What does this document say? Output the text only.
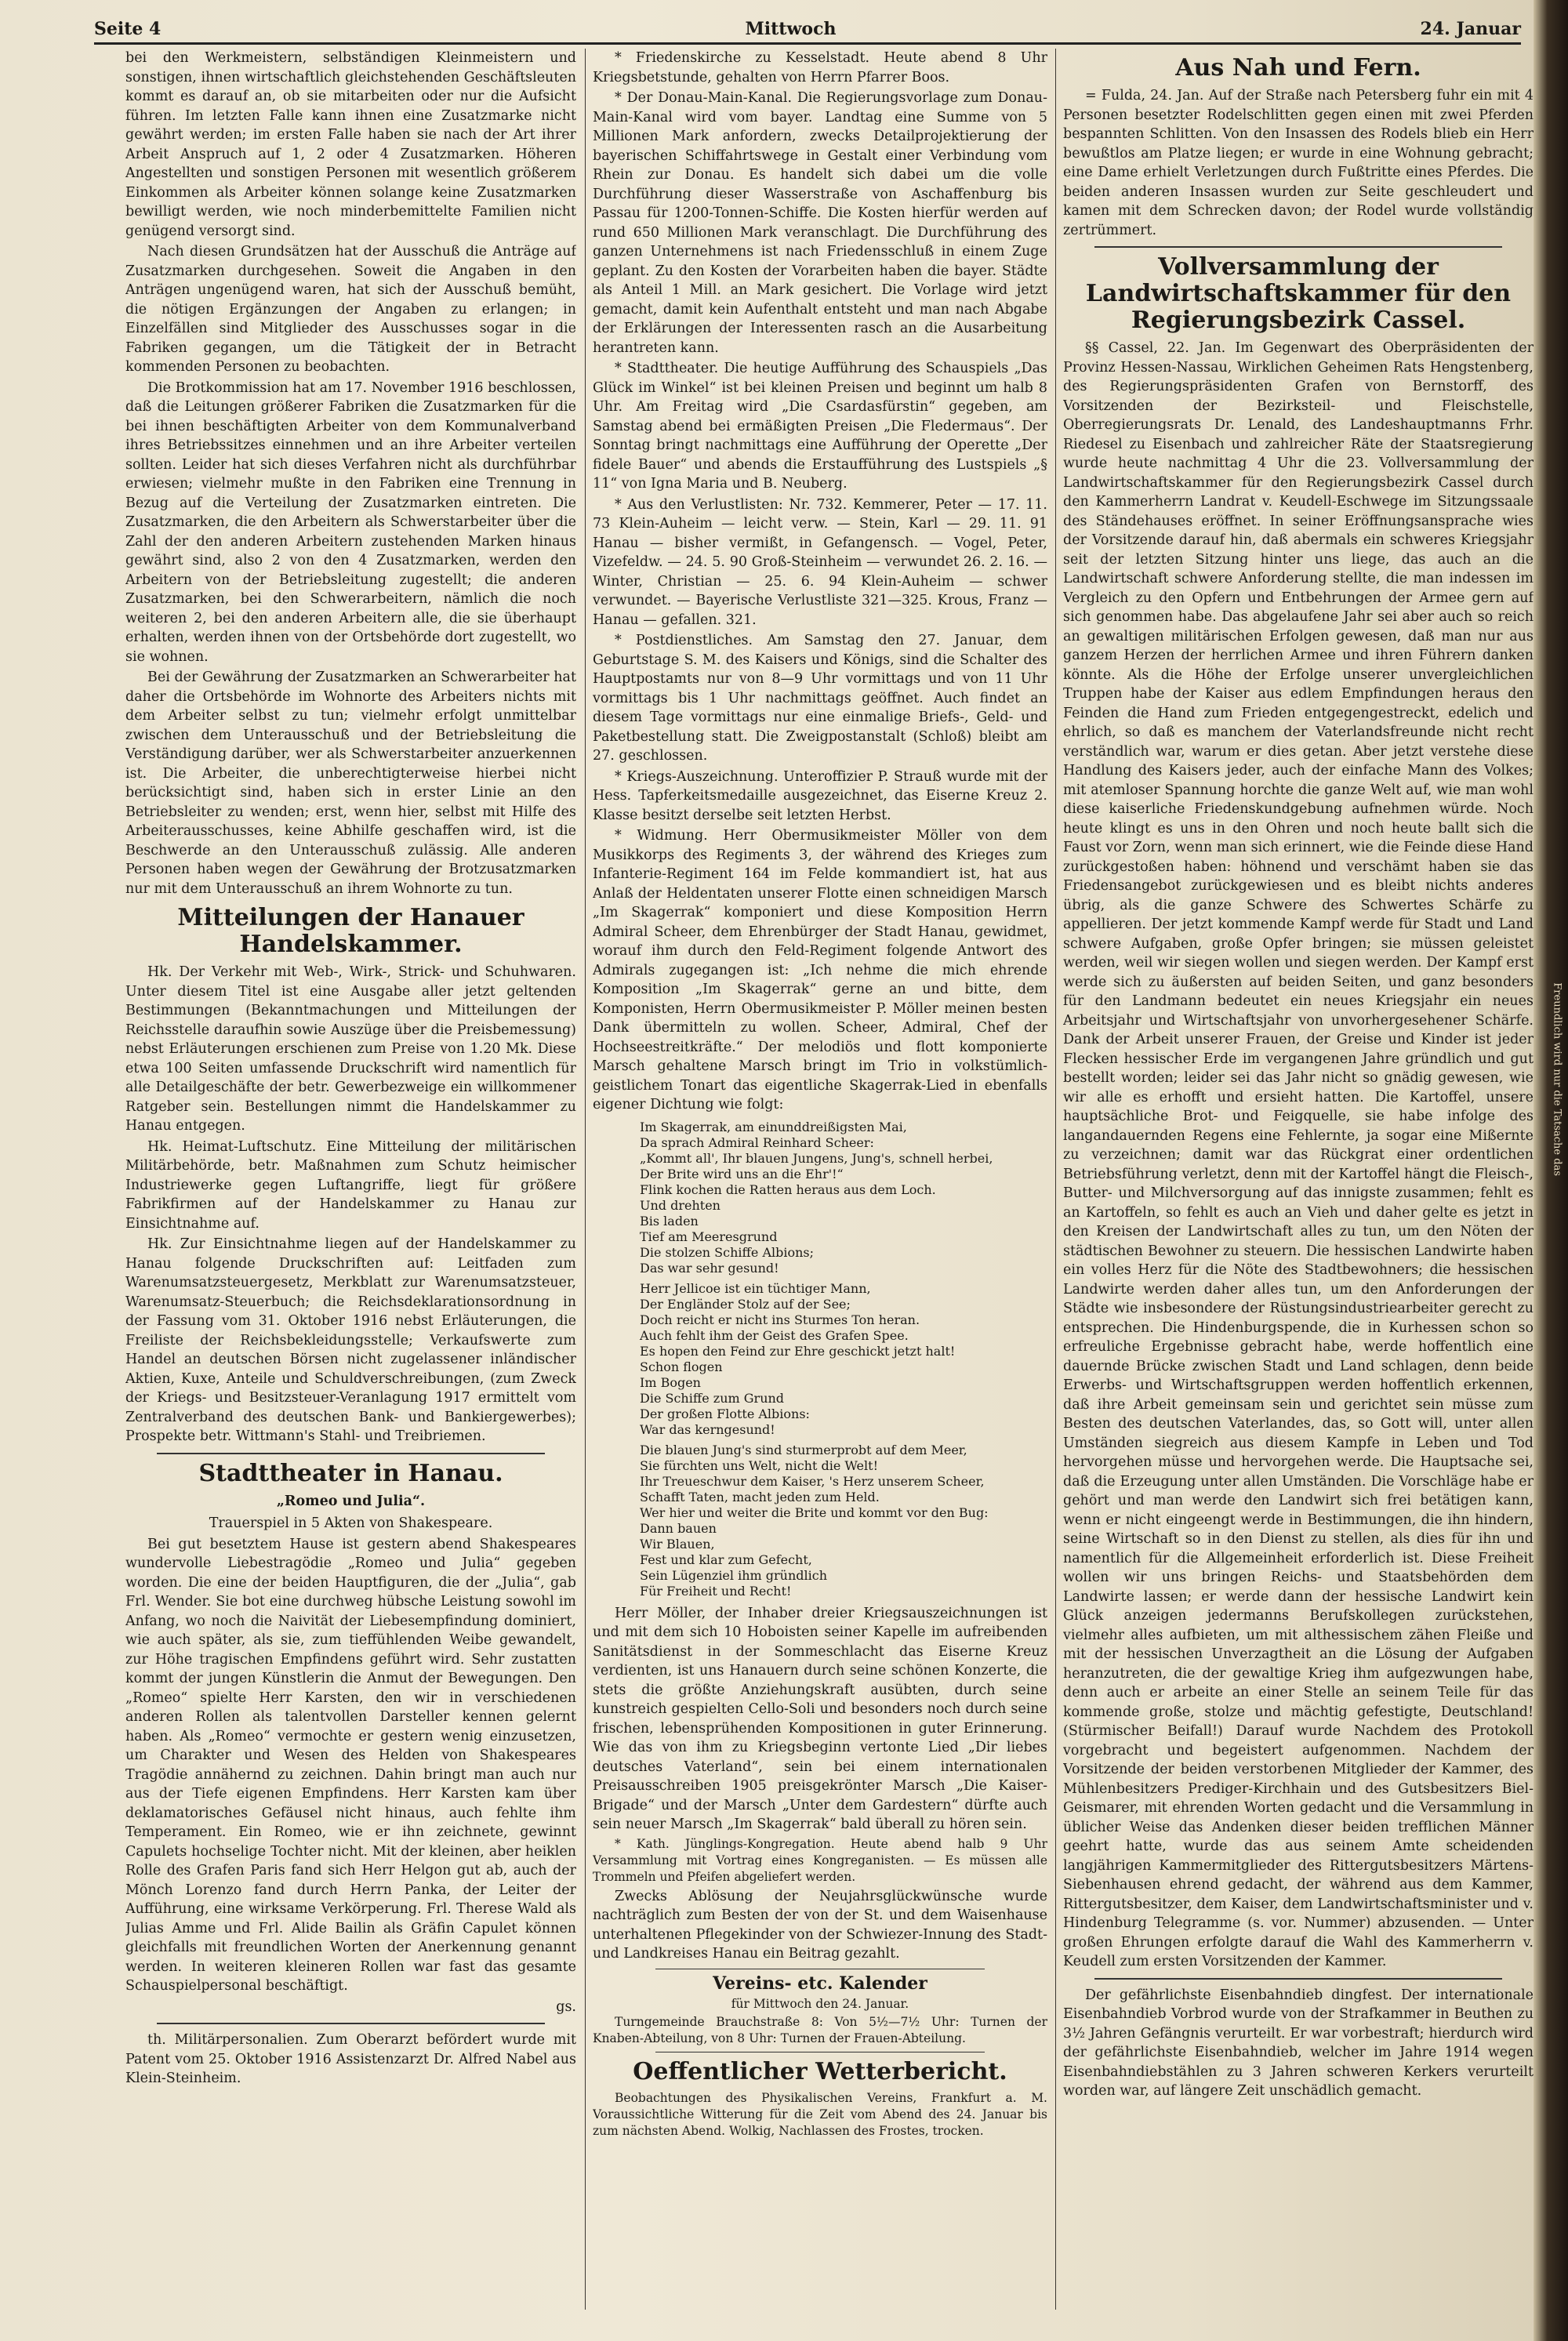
Seite 4	Mittwoch	24. Januar

bei den Werkmeistern, selbständigen Kleinmeistern und sonstigen, ihnen wirtschaftlich gleichstehenden Geschäftsleuten kommt es darauf an, ob sie mitarbeiten oder nur die Aufsicht führen. Im letzten Falle kann ihnen eine Zusatzmarke nicht gewährt werden; im ersten Falle haben sie nach der Art ihrer Arbeit Anspruch auf 1, 2 oder 4 Zusatzmarken. Höheren Angestellten und sonstigen Personen mit wesentlich größerem Einkommen als Arbeiter können solange keine Zusatzmarken bewilligt werden, wie noch minderbemittelte Familien nicht genügend versorgt sind.

Nach diesen Grundsätzen hat der Ausschuß die Anträge auf Zusatzmarken durchgesehen. Soweit die Angaben in den Anträgen ungenügend waren, hat sich der Ausschuß bemüht, die nötigen Ergänzungen der Angaben zu erlangen; in Einzelfällen sind Mitglieder des Ausschusses sogar in die Fabriken gegangen, um die Tätigkeit der in Betracht kommenden Personen zu beobachten.

Die Brotkommission hat am 17. November 1916 beschlossen, daß die Leitungen größerer Fabriken die Zusatzmarken für die bei ihnen beschäftigten Arbeiter von dem Kommunalverband ihres Betriebssitzes einnehmen und an ihre Arbeiter verteilen sollten. Leider hat sich dieses Verfahren nicht als durchführbar erwiesen; vielmehr mußte in den Fabriken eine Trennung in Bezug auf die Verteilung der Zusatzmarken eintreten. Die Zusatzmarken, die den Arbeitern als Schwerstarbeiter über die Zahl der den anderen Arbeitern zustehenden Marken hinaus gewährt sind, also 2 von den 4 Zusatzmarken, werden den Arbeitern von der Betriebsleitung zugestellt; die anderen Zusatzmarken, bei den Schwerarbeitern, nämlich die noch weiteren 2, bei den anderen Arbeitern alle, die sie überhaupt erhalten, werden ihnen von der Ortsbehörde dort zugestellt, wo sie wohnen.

Bei der Gewährung der Zusatzmarken an Schwerarbeiter hat daher die Ortsbehörde im Wohnorte des Arbeiters nichts mit dem Arbeiter selbst zu tun; vielmehr erfolgt unmittelbar zwischen dem Unterausschuß und der Betriebsleitung die Verständigung darüber, wer als Schwerstarbeiter anzuerkennen ist. Die Arbeiter, die unberechtigterweise hierbei nicht berücksichtigt sind, haben sich in erster Linie an den Betriebsleiter zu wenden; erst, wenn hier, selbst mit Hilfe des Arbeiterausschusses, keine Abhilfe geschaffen wird, ist die Beschwerde an den Unterausschuß zulässig. Alle anderen Personen haben wegen der Gewährung der Brotzusatzmarken nur mit dem Unterausschuß an ihrem Wohnorte zu tun.

Mitteilungen der Hanauer Handelskammer.

Hk. Der Verkehr mit Web-, Wirk-, Strick- und Schuhwaren. Unter diesem Titel ist eine Ausgabe aller jetzt geltenden Bestimmungen (Bekanntmachungen und Mitteilungen der Reichsstelle daraufhin sowie Auszüge über die Preisbemessung) nebst Erläuterungen erschienen zum Preise von 1.20 Mk. Diese etwa 100 Seiten umfassende Druckschrift wird namentlich für alle Detailgeschäfte der betr. Gewerbezweige ein willkommener Ratgeber sein. Bestellungen nimmt die Handelskammer zu Hanau entgegen.

Hk. Heimat-Luftschutz. Eine Mitteilung der militärischen Militärbehörde, betr. Maßnahmen zum Schutz heimischer Industriewerke gegen Luftangriffe, liegt für größere Fabrikfirmen auf der Handelskammer zu Hanau zur Einsichtnahme auf.

Hk. Zur Einsichtnahme liegen auf der Handelskammer zu Hanau folgende Druckschriften auf: Leitfaden zum Warenumsatzsteuergesetz, Merkblatt zur Warenumsatzsteuer, Warenumsatz-Steuerbuch; die Reichsdeklarationsordnung in der Fassung vom 31. Oktober 1916 nebst Erläuterungen, die Freiliste der Reichsbekleidungsstelle; Verkaufswerte zum Handel an deutschen Börsen nicht zugelassener inländischer Aktien, Kuxe, Anteile und Schuldverschreibungen, (zum Zweck der Kriegs- und Besitzsteuer-Veranlagung 1917 ermittelt vom Zentralverband des deutschen Bank- und Bankiergewerbes); Prospekte betr. Wittmann's Stahl- und Treibriemen.

Stadttheater in Hanau.
„Romeo und Julia“.
Trauerspiel in 5 Akten von Shakespeare.

Bei gut besetztem Hause ist gestern abend Shakespeares wundervolle Liebestragödie „Romeo und Julia“ gegeben worden. Die eine der beiden Hauptfiguren, die der „Julia“, gab Frl. Wender. Sie bot eine durchweg hübsche Leistung sowohl im Anfang, wo noch die Naivität der Liebesempfindung dominiert, wie auch später, als sie, zum tieffühlenden Weibe gewandelt, zur Höhe tragischen Empfindens geführt wird. Sehr zustatten kommt der jungen Künstlerin die Anmut der Bewegungen. Den „Romeo“ spielte Herr Karsten, den wir in verschiedenen anderen Rollen als talentvollen Darsteller kennen gelernt haben. Als „Romeo“ vermochte er gestern wenig einzusetzen, um Charakter und Wesen des Helden von Shakespeares Tragödie annähernd zu zeichnen. Dahin bringt man auch nur aus der Tiefe eigenen Empfindens. Herr Karsten kam über deklamatorisches Gefäusel nicht hinaus, auch fehlte ihm Temperament. Ein Romeo, wie er ihn zeichnete, gewinnt Capulets hochselige Tochter nicht. Mit der kleinen, aber heiklen Rolle des Grafen Paris fand sich Herr Helgon gut ab, auch der Mönch Lorenzo fand durch Herrn Panka, der Leiter der Aufführung, eine wirksame Verkörperung. Frl. Therese Wald als Julias Amme und Frl. Alide Bailin als Gräfin Capulet können gleichfalls mit freundlichen Worten der Anerkennung genannt werden. In weiteren kleineren Rollen war fast das gesamte Schauspielpersonal beschäftigt.

gs.

th. Militärpersonalien. Zum Oberarzt befördert wurde mit Patent vom 25. Oktober 1916 Assistenzarzt Dr. Alfred Nabel aus Klein-Steinheim.

* Friedenskirche zu Kesselstadt. Heute abend 8 Uhr Kriegsbetstunde, gehalten von Herrn Pfarrer Boos.

* Der Donau-Main-Kanal. Die Regierungsvorlage zum Donau-Main-Kanal wird vom bayer. Landtag eine Summe von 5 Millionen Mark anfordern, zwecks Detailprojektierung der bayerischen Schiffahrtswege in Gestalt einer Verbindung vom Rhein zur Donau. Es handelt sich dabei um die volle Durchführung dieser Wasserstraße von Aschaffenburg bis Passau für 1200-Tonnen-Schiffe. Die Kosten hierfür werden auf rund 650 Millionen Mark veranschlagt. Die Durchführung des ganzen Unternehmens ist nach Friedensschluß in einem Zuge geplant. Zu den Kosten der Vorarbeiten haben die bayer. Städte als Anteil 1 Mill. an Mark gesichert. Die Vorlage wird jetzt gemacht, damit kein Aufenthalt entsteht und man nach Abgabe der Erklärungen der Interessenten rasch an die Ausarbeitung herantreten kann.

* Stadttheater. Die heutige Aufführung des Schauspiels „Das Glück im Winkel“ ist bei kleinen Preisen und beginnt um halb 8 Uhr. Am Freitag wird „Die Csardasfürstin“ gegeben, am Samstag abend bei ermäßigten Preisen „Die Fledermaus“. Der Sonntag bringt nachmittags eine Aufführung der Operette „Der fidele Bauer“ und abends die Erstaufführung des Lustspiels „§ 11“ von Igna Maria und B. Neuberg.

* Aus den Verlustlisten: Nr. 732. Kemmerer, Peter — 17. 11. 73 Klein-Auheim — leicht verw. — Stein, Karl — 29. 11. 91 Hanau — bisher vermißt, in Gefangensch. — Vogel, Peter, Vizefeldw. — 24. 5. 90 Groß-Steinheim — verwundet 26. 2. 16. — Winter, Christian — 25. 6. 94 Klein-Auheim — schwer verwundet. — Bayerische Verlustliste 321—325. Krous, Franz — Hanau — gefallen. 321.

* Postdienstliches. Am Samstag den 27. Januar, dem Geburtstage S. M. des Kaisers und Königs, sind die Schalter des Hauptpostamts nur von 8—9 Uhr vormittags und von 11 Uhr vormittags bis 1 Uhr nachmittags geöffnet. Auch findet an diesem Tage vormittags nur eine einmalige Briefs-, Geld- und Paketbestellung statt. Die Zweigpostanstalt (Schloß) bleibt am 27. geschlossen.

* Kriegs-Auszeichnung. Unteroffizier P. Strauß wurde mit der Hess. Tapferkeitsmedaille ausgezeichnet, das Eiserne Kreuz 2. Klasse besitzt derselbe seit letzten Herbst.

* Widmung. Herr Obermusikmeister Möller von dem Musikkorps des Regiments 3, der während des Krieges zum Infanterie-Regiment 164 im Felde kommandiert ist, hat aus Anlaß der Heldentaten unserer Flotte einen schneidigen Marsch „Im Skagerrak“ komponiert und diese Komposition Herrn Admiral Scheer, dem Ehrenbürger der Stadt Hanau, gewidmet, worauf ihm durch den Feld-Regiment folgende Antwort des Admirals zugegangen ist: „Ich nehme die mich ehrende Komposition „Im Skagerrak“ gerne an und bitte, dem Komponisten, Herrn Obermusikmeister P. Möller meinen besten Dank übermitteln zu wollen. Scheer, Admiral, Chef der Hochseestreitkräfte.“ Der melodiös und flott komponierte Marsch gehaltene Marsch bringt im Trio in volkstümlich-geistlichem Tonart das eigentliche Skagerrak-Lied in ebenfalls eigener Dichtung wie folgt:

Im Skagerrak, am einunddreißigsten Mai,
Da sprach Admiral Reinhard Scheer:
„Kommt all', Ihr blauen Jungens, Jung's, schnell herbei,
Der Brite wird uns an die Ehr'!“
Flink kochen die Ratten heraus aus dem Loch.
Und drehten
Bis laden
Tief am Meeresgrund
Die stolzen Schiffe Albions;
Das war sehr gesund!
Herr Jellicoe ist ein tüchtiger Mann,
Der Engländer Stolz auf der See;
Doch reicht er nicht ins Sturmes Ton heran.
Auch fehlt ihm der Geist des Grafen Spee.
Es hopen den Feind zur Ehre geschickt jetzt halt!
Schon flogen
Im Bogen
Die Schiffe zum Grund
Der großen Flotte Albions:
War das kerngesund!
Die blauen Jung's sind sturmerprobt auf dem Meer,
Sie fürchten uns Welt, nicht die Welt!
Ihr Treueschwur dem Kaiser, 's Herz unserem Scheer,
Schafft Taten, macht jeden zum Held.
Wer hier und weiter die Brite und kommt vor den Bug:
Dann bauen
Wir Blauen,
Fest und klar zum Gefecht,
Sein Lügenziel ihm gründlich
Für Freiheit und Recht!

Herr Möller, der Inhaber dreier Kriegsauszeichnungen ist und mit dem sich 10 Hoboisten seiner Kapelle im aufreibenden Sanitätsdienst in der Sommeschlacht das Eiserne Kreuz verdienten, ist uns Hanauern durch seine schönen Konzerte, die stets die größte Anziehungskraft ausübten, durch seine kunstreich gespielten Cello-Soli und besonders noch durch seine frischen, lebensprühenden Kompositionen in guter Erinnerung. Wie das von ihm zu Kriegsbeginn vertonte Lied „Dir liebes deutsches Vaterland“, sein bei einem internationalen Preisausschreiben 1905 preisgekrönter Marsch „Die Kaiser-Brigade“ und der Marsch „Unter dem Gardestern“ dürfte auch sein neuer Marsch „Im Skagerrak“ bald überall zu hören sein.

* Kath. Jünglings-Kongregation. Heute abend halb 9 Uhr Versammlung mit Vortrag eines Kongreganisten. — Es müssen alle Trommeln und Pfeifen abgeliefert werden.

Zwecks Ablösung der Neujahrsglückwünsche wurde nachträglich zum Besten der von der St. und dem Waisenhause unterhaltenen Pflegekinder von der Schwiezer-Innung des Stadt- und Landkreises Hanau ein Beitrag gezahlt.

Vereins- etc. Kalender
für Mittwoch den 24. Januar.

Turngemeinde Brauchstraße 8: Von 5½—7½ Uhr: Turnen der Knaben-Abteilung, von 8 Uhr: Turnen der Frauen-Abteilung.

Oeffentlicher Wetterbericht.

Beobachtungen des Physikalischen Vereins, Frankfurt a. M. Voraussichtliche Witterung für die Zeit vom Abend des 24. Januar bis zum nächsten Abend. Wolkig, Nachlassen des Frostes, trocken.

Aus Nah und Fern.

= Fulda, 24. Jan. Auf der Straße nach Petersberg fuhr ein mit 4 Personen besetzter Rodelschlitten gegen einen mit zwei Pferden bespannten Schlitten. Von den Insassen des Rodels blieb ein Herr bewußtlos am Platze liegen; er wurde in eine Wohnung gebracht; eine Dame erhielt Verletzungen durch Fußtritte eines Pferdes. Die beiden anderen Insassen wurden zur Seite geschleudert und kamen mit dem Schrecken davon; der Rodel wurde vollständig zertrümmert.

Vollversammlung der Landwirtschaftskammer für den Regierungsbezirk Cassel.

§§ Cassel, 22. Jan. Im Gegenwart des Oberpräsidenten der Provinz Hessen-Nassau, Wirklichen Geheimen Rats Hengstenberg, des Regierungspräsidenten Grafen von Bernstorff, des Vorsitzenden der Bezirksteil- und Fleischstelle, Oberregierungsrats Dr. Lenald, des Landeshauptmanns Frhr. Riedesel zu Eisenbach und zahlreicher Räte der Staatsregierung wurde heute nachmittag 4 Uhr die 23. Vollversammlung der Landwirtschaftskammer für den Regierungsbezirk Cassel durch den Kammerherrn Landrat v. Keudell-Eschwege im Sitzungssaale des Ständehauses eröffnet. In seiner Eröffnungsansprache wies der Vorsitzende darauf hin, daß abermals ein schweres Kriegsjahr seit der letzten Sitzung hinter uns liege, das auch an die Landwirtschaft schwere Anforderung stellte, die man indessen im Vergleich zu den Opfern und Entbehrungen der Armee gern auf sich genommen habe. Das abgelaufene Jahr sei aber auch so reich an gewaltigen militärischen Erfolgen gewesen, daß man nur aus ganzem Herzen der herrlichen Armee und ihren Führern danken könnte. Als die Höhe der Erfolge unserer unvergleichlichen Truppen habe der Kaiser aus edlem Empfindungen heraus den Feinden die Hand zum Frieden entgegengestreckt, edelich und ehrlich, so daß es manchem der Vaterlandsfreunde nicht recht verständlich war, warum er dies getan. Aber jetzt verstehe diese Handlung des Kaisers jeder, auch der einfache Mann des Volkes; mit atemloser Spannung horchte die ganze Welt auf, wie man wohl diese kaiserliche Friedenskundgebung aufnehmen würde. Noch heute klingt es uns in den Ohren und noch heute ballt sich die Faust vor Zorn, wenn man sich erinnert, wie die Feinde diese Hand zurückgestoßen haben: höhnend und verschämt haben sie das Friedensangebot zurückgewiesen und es bleibt nichts anderes übrig, als die ganze Schwere des Schwertes Schärfe zu appellieren. Der jetzt kommende Kampf werde für Stadt und Land schwere Aufgaben, große Opfer bringen; sie müssen geleistet werden, weil wir siegen wollen und siegen werden. Der Kampf erst werde sich zu äußersten auf beiden Seiten, und ganz besonders für den Landmann bedeutet ein neues Kriegsjahr ein neues Arbeitsjahr und Wirtschaftsjahr von unvorhergesehener Schärfe. Dank der Arbeit unserer Frauen, der Greise und Kinder ist jeder Flecken hessischer Erde im vergangenen Jahre gründlich und gut bestellt worden; leider sei das Jahr nicht so gnädig gewesen, wie wir alle es erhofft und ersieht hatten. Die Kartoffel, unsere hauptsächliche Brot- und Feigquelle, sie habe infolge des langandauernden Regens eine Fehlernte, ja sogar eine Mißernte zu verzeichnen; damit war das Rückgrat einer ordentlichen Betriebsführung verletzt, denn mit der Kartoffel hängt die Fleisch-, Butter- und Milchversorgung auf das innigste zusammen; fehlt es an Kartoffeln, so fehlt es auch an Vieh und daher gelte es jetzt in den Kreisen der Landwirtschaft alles zu tun, um den Nöten der städtischen Bewohner zu steuern. Die hessischen Landwirte haben ein volles Herz für die Nöte des Stadtbewohners; die hessischen Landwirte werden daher alles tun, um den Anforderungen der Städte wie insbesondere der Rüstungsindustriearbeiter gerecht zu entsprechen. Die Hindenburgspende, die in Kurhessen schon so erfreuliche Ergebnisse gebracht habe, werde hoffentlich eine dauernde Brücke zwischen Stadt und Land schlagen, denn beide Erwerbs- und Wirtschaftsgruppen werden hoffentlich erkennen, daß ihre Arbeit gemeinsam sein und gerichtet sein müsse zum Besten des deutschen Vaterlandes, das, so Gott will, unter allen Umständen siegreich aus diesem Kampfe in Leben und Tod hervorgehen müsse und hervorgehen werde. Die Hauptsache sei, daß die Erzeugung unter allen Umständen. Die Vorschläge habe er gehört und man werde den Landwirt sich frei betätigen kann, wenn er nicht eingeengt werde in Bestimmungen, die ihn hindern, seine Wirtschaft so in den Dienst zu stellen, als dies für ihn und namentlich für die Allgemeinheit erforderlich ist. Diese Freiheit wollen wir uns bringen Reichs- und Staatsbehörden dem Landwirte lassen; er werde dann der hessische Landwirt kein Glück anzeigen jedermanns Berufskollegen zurückstehen, vielmehr alles aufbieten, um mit althessischem zähen Fleiße und mit der hessischen Unverzagtheit an die Lösung der Aufgaben heranzutreten, die der gewaltige Krieg ihm aufgezwungen habe, denn auch er arbeite an einer Stelle an seinem Teile für das kommende große, stolze und mächtig gefestigte, Deutschland! (Stürmischer Beifall!) Darauf wurde Nachdem des Protokoll vorgebracht und begeistert aufgenommen. Nachdem der Vorsitzende der beiden verstorbenen Mitglieder der Kammer, des Mühlenbesitzers Prediger-Kirchhain und des Gutsbesitzers Biel-Geismarer, mit ehrenden Worten gedacht und die Versammlung in üblicher Weise das Andenken dieser beiden trefflichen Männer geehrt hatte, wurde das aus seinem Amte scheidenden langjährigen Kammermitglieder des Rittergutsbesitzers Märtens-Siebenhausen ehrend gedacht, der während aus dem Kammer, Rittergutsbesitzer, dem Kaiser, dem Landwirtschaftsminister und v. Hindenburg Telegramme (s. vor. Nummer) abzusenden. — Unter großen Ehrungen erfolgte darauf die Wahl des Kammerherrn v. Keudell zum ersten Vorsitzenden der Kammer.

Der gefährlichste Eisenbahndieb dingfest. Der internationale Eisenbahndieb Vorbrod wurde von der Strafkammer in Beuthen zu 3½ Jahren Gefängnis verurteilt. Er war vorbestraft; hierdurch wird der gefährlichste Eisenbahndieb, welcher im Jahre 1914 wegen Eisenbahndiebstählen zu 3 Jahren schweren Kerkers verurteilt worden war, auf längere Zeit unschädlich gemacht.

Freundlich wird nur die Tatsache das
